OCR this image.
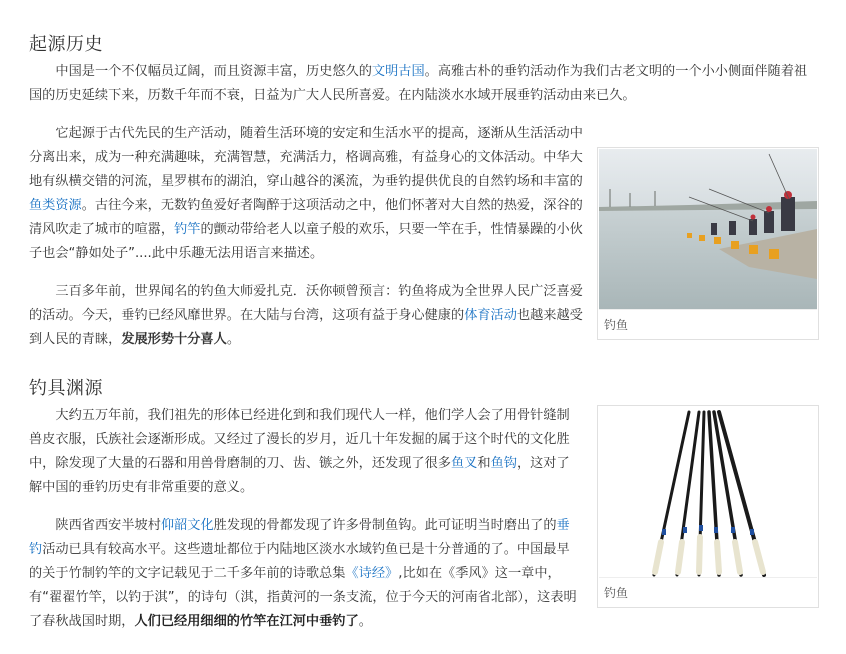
起源历史

中国是一个不仅幅员辽阔，而且资源丰富，历史悠久的文明古国。高雅古朴的垂钓活动作为我们古老文明的一个小小侧面伴随着祖国的历史延续下来，历数千年而不衰，日益为广大人民所喜爱。在内陆淡水水域开展垂钓活动由来已久。

钓鱼

它起源于古代先民的生产活动，随着生活环境的安定和生活水平的提高，逐渐从生活活动中分离出来，成为一种充满趣味，充满智慧，充满活力，格调高雅，有益身心的文体活动。中华大地有纵横交错的河流，星罗棋布的湖泊，穿山越谷的溪流，为垂钓提供优良的自然钓场和丰富的鱼类资源。古往今来，无数钓鱼爱好者陶醉于这项活动之中，他们怀著对大自然的热爱，深谷的清风吹走了城市的喧嚣，钓竿的颤动带给老人以童子般的欢乐，只要一竿在手，性情暴躁的小伙子也会“静如处子”....此中乐趣无法用语言来描述。

三百多年前，世界闻名的钓鱼大师爱扎克．沃你顿曾预言：钓鱼将成为全世界人民广泛喜爱的活动。今天，垂钓已经风靡世界。在大陆与台湾，这项有益于身心健康的体育活动也越来越受到人民的青睐，发展形势十分喜人。

钓具渊源
钓鱼

大约五万年前，我们祖先的形体已经进化到和我们现代人一样，他们学人会了用骨针缝制兽皮衣服，氏族社会逐渐形成。又经过了漫长的岁月，近几十年发掘的属于这个时代的文化胜中，除发现了大量的石器和用兽骨磨制的刀、齿、镞之外，还发现了很多鱼叉和鱼钩，这对了解中国的垂钓历史有非常重要的意义。

陕西省西安半坡村仰韶文化胜发现的骨都发现了许多骨制鱼钩。此可证明当时磨出了的垂钓活动已具有较高水平。这些遗址都位于内陆地区淡水水域钓鱼已是十分普通的了。中国最早的关于竹制钓竿的文字记载见于二千多年前的诗歌总集《诗经》,比如在《季风》这一章中，有“翟翟竹竿，以钓于淇”，的诗句（淇，指黄河的一条支流，位于今天的河南省北部），这表明了春秋战国时期，人们已经用细细的竹竿在江河中垂钓了。
